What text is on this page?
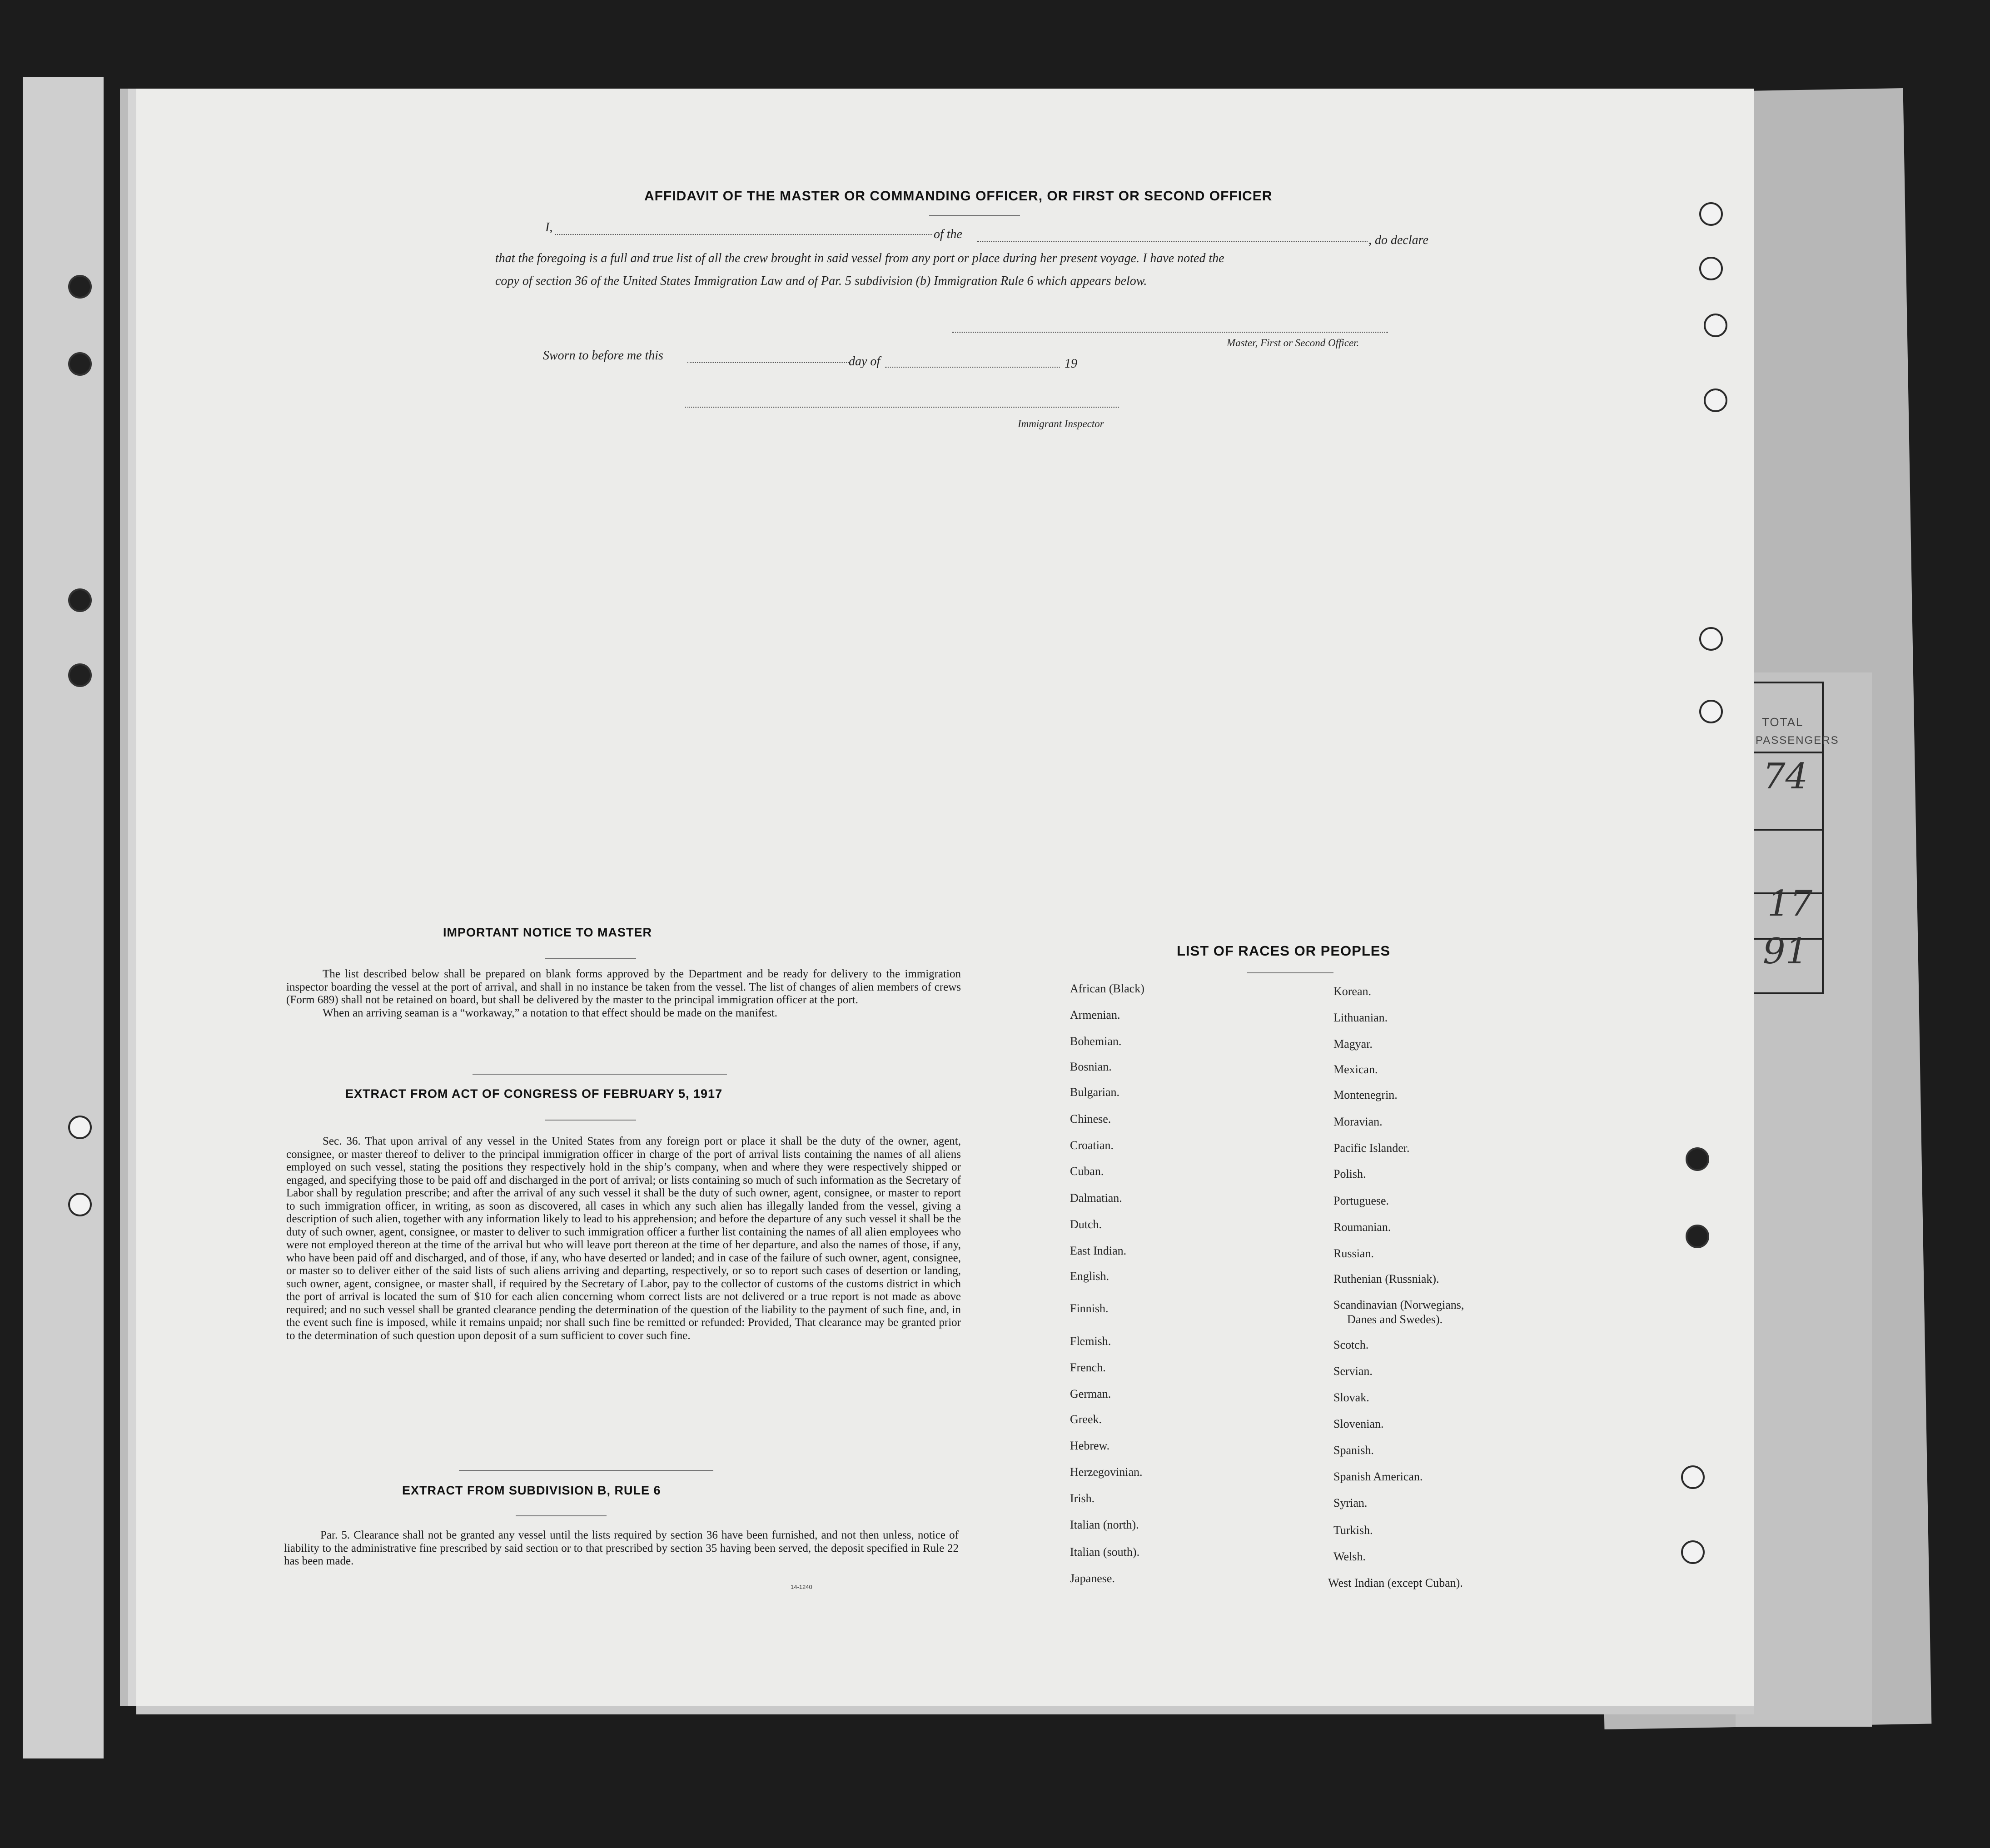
TOTAL
PASSENGERS
74
17
91
AFFIDAVIT OF THE MASTER OR COMMANDING OFFICER, OR FIRST OR SECOND OFFICER
I,	of the	, do declare
that the foregoing is a full and true list of all the crew brought in said vessel from any port or place during her present voyage. I have noted the
copy of section 36 of the United States Immigration Law and of Par. 5 subdivision (b) Immigration Rule 6 which appears below.
Master, First or Second Officer.
Sworn to before me this	day of	19
Immigrant Inspector
IMPORTANT NOTICE TO MASTER

The list described below shall be prepared on blank forms approved by the Department and be ready for delivery to the immigration inspector boarding the vessel at the port of arrival, and shall in no instance be taken from the vessel. The list of changes of alien members of crews (Form 689) shall not be retained on board, but shall be delivered by the master to the principal immigration officer at the port.

When an arriving seaman is a “workaway,” a notation to that effect should be made on the manifest.

EXTRACT FROM ACT OF CONGRESS OF FEBRUARY 5, 1917

Sec. 36. That upon arrival of any vessel in the United States from any foreign port or place it shall be the duty of the owner, agent, consignee, or master thereof to deliver to the principal immigration officer in charge of the port of arrival lists containing the names of all aliens employed on such vessel, stating the positions they respectively hold in the ship’s company, when and where they were respectively shipped or engaged, and specifying those to be paid off and discharged in the port of arrival; or lists containing so much of such information as the Secretary of Labor shall by regulation prescribe; and after the arrival of any such vessel it shall be the duty of such owner, agent, consignee, or master to report to such immigration officer, in writing, as soon as discovered, all cases in which any such alien has illegally landed from the vessel, giving a description of such alien, together with any information likely to lead to his apprehension; and before the departure of any such vessel it shall be the duty of such owner, agent, consignee, or master to deliver to such immigration officer a further list containing the names of all alien employees who were not employed thereon at the time of the arrival but who will leave port thereon at the time of her departure, and also the names of those, if any, who have been paid off and discharged, and of those, if any, who have deserted or landed; and in case of the failure of such owner, agent, consignee, or master so to deliver either of the said lists of such aliens arriving and departing, respectively, or so to report such cases of desertion or landing, such owner, agent, consignee, or master shall, if required by the Secretary of Labor, pay to the collector of customs of the customs district in which the port of arrival is located the sum of $10 for each alien concerning whom correct lists are not delivered or a true report is not made as above required; and no such vessel shall be granted clearance pending the determination of the question of the liability to the payment of such fine, and, in the event such fine is imposed, while it remains unpaid; nor shall such fine be remitted or refunded: Provided, That clearance may be granted prior to the determination of such question upon deposit of a sum sufficient to cover such fine.

EXTRACT FROM SUBDIVISION B, RULE 6

Par. 5. Clearance shall not be granted any vessel until the lists required by section 36 have been furnished, and not then unless, notice of liability to the administrative fine prescribed by said section or to that prescribed by section 35 having been served, the deposit specified in Rule 22 has been made.

14-1240
LIST OF RACES OR PEOPLES
African (Black)
Armenian.
Bohemian.
Bosnian.
Bulgarian.
Chinese.
Croatian.
Cuban.
Dalmatian.
Dutch.
East Indian.
English.
Finnish.
Flemish.
French.
German.
Greek.
Hebrew.
Herzegovinian.
Irish.
Italian (north).
Italian (south).
Japanese.
Korean.
Lithuanian.
Magyar.
Mexican.
Montenegrin.
Moravian.
Pacific Islander.
Polish.
Portuguese.
Roumanian.
Russian.
Ruthenian (Russniak).
Scandinavian (Norwegians,
Danes and Swedes).
Scotch.
Servian.
Slovak.
Slovenian.
Spanish.
Spanish American.
Syrian.
Turkish.
Welsh.
West Indian (except Cuban).
